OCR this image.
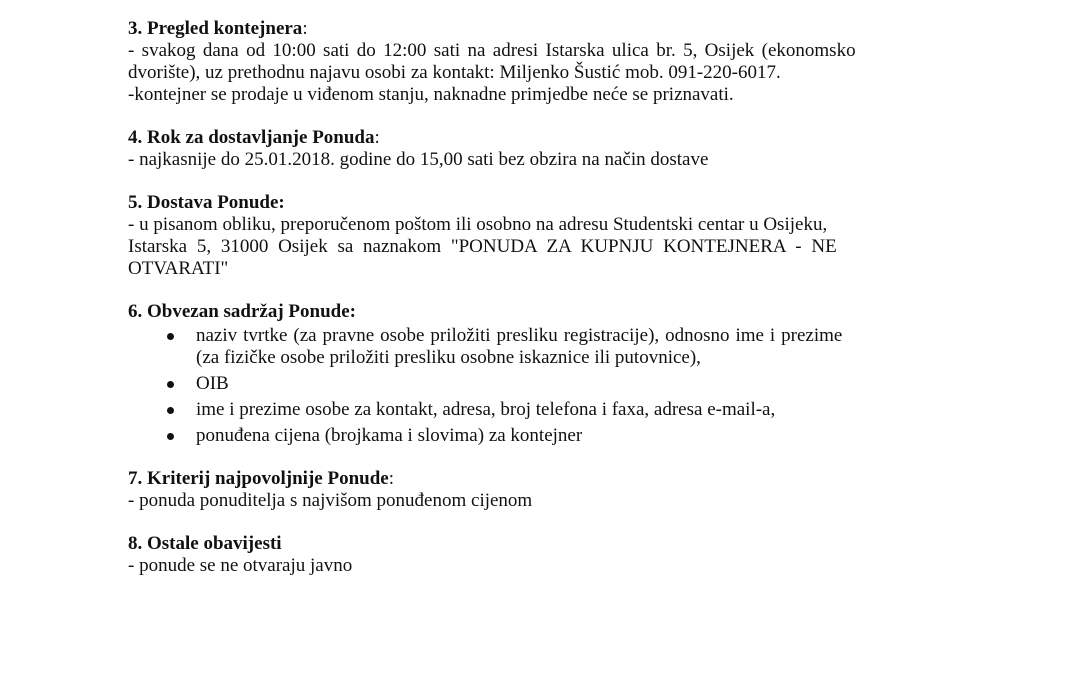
3. Pregled kontejnera:

- svakog dana od 10:00 sati do 12:00 sati na adresi Istarska ulica br. 5, Osijek (ekonomsko

dvorište), uz prethodnu najavu osobi za kontakt: Miljenko Šustić mob. 091-220-6017.

-kontejner se prodaje u viđenom stanju, naknadne primjedbe neće se priznavati.

4. Rok za dostavljanje Ponuda:

- najkasnije do 25.01.2018. godine do 15,00 sati bez obzira na način dostave

5. Dostava Ponude:

- u pisanom obliku, preporučenom poštom ili osobno na adresu Studentski centar u Osijeku,

Istarska 5, 31000 Osijek sa naznakom "PONUDA ZA KUPNJU KONTEJNERA - NE

OTVARATI"

6. Obvezan sadržaj Ponude:

naziv tvrtke (za pravne osobe priložiti presliku registracije), odnosno ime i prezime
(za fizičke osobe priložiti presliku osobne iskaznice ili putovnice),
OIB
ime i prezime osobe za kontakt, adresa, broj telefona i faxa, adresa e-mail-a,
ponuđena cijena (brojkama i slovima) za kontejner

7. Kriterij najpovoljnije Ponude:

- ponuda ponuditelja s najvišom ponuđenom cijenom

8. Ostale obavijesti

- ponude se ne otvaraju javno
